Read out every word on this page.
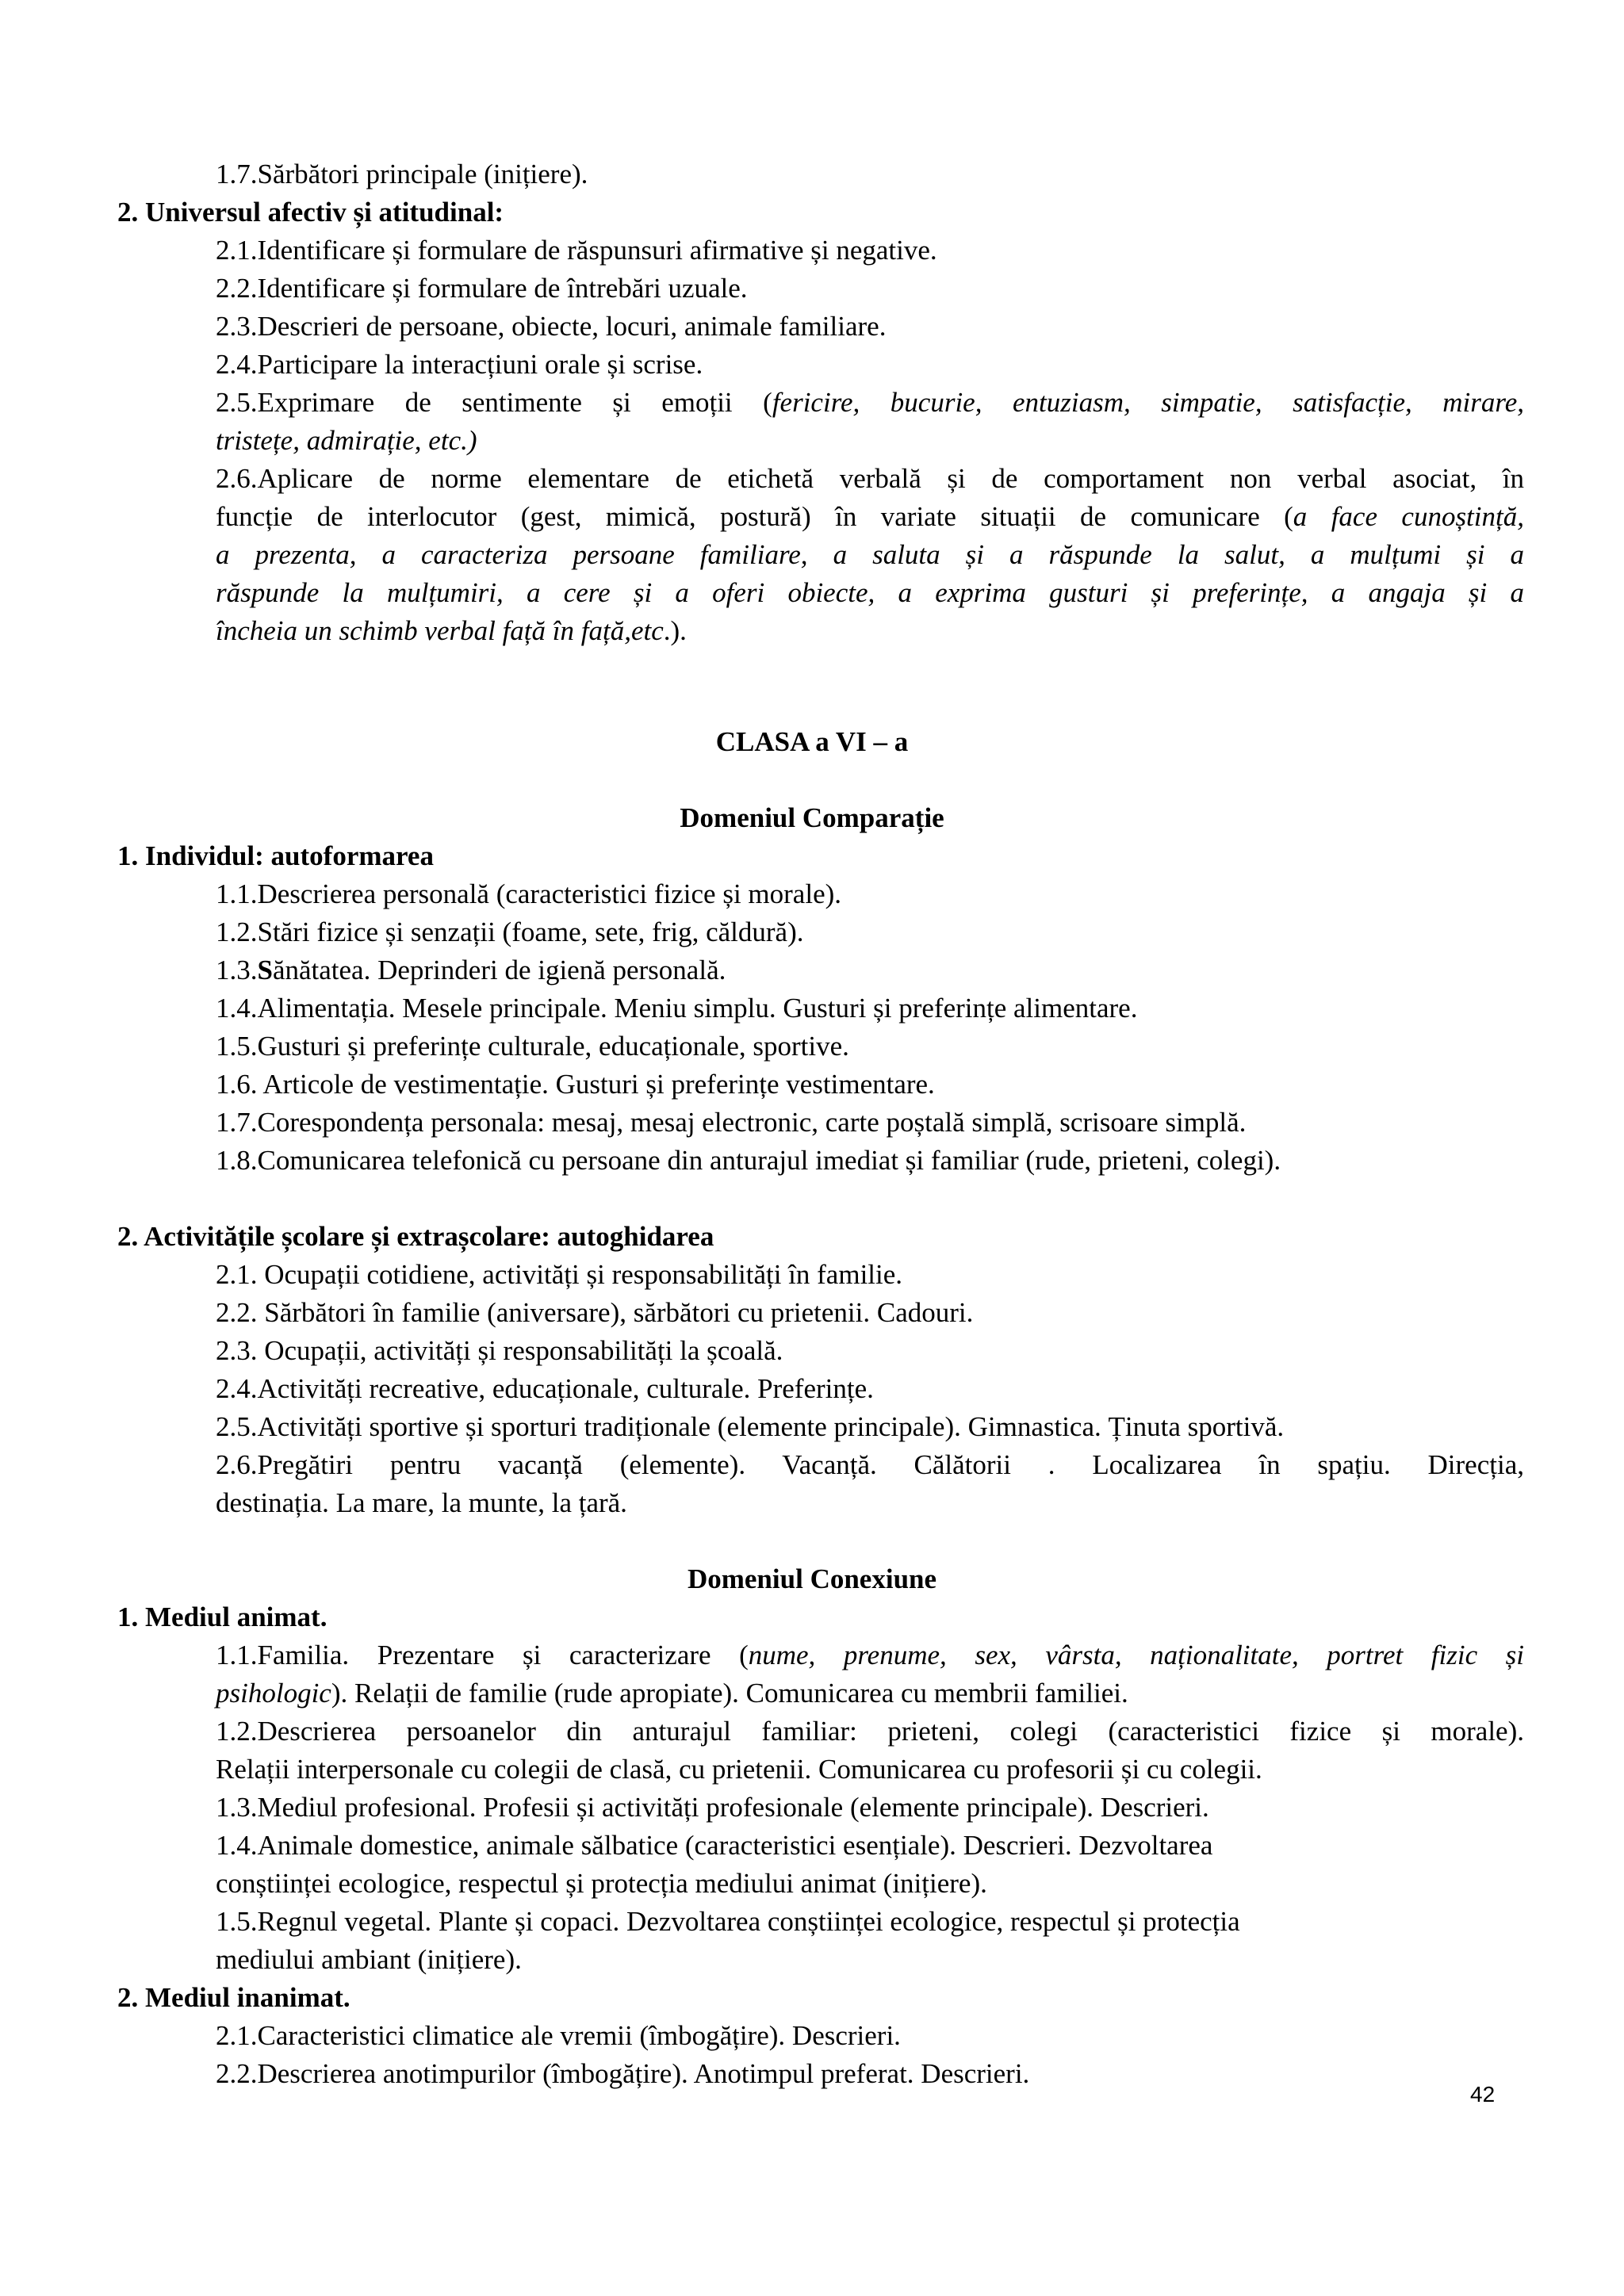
1.7.Sărbători principale (inițiere).

2. Universul afectiv și atitudinal:

2.1.Identificare și formulare de răspunsuri afirmative și negative.

2.2.Identificare și formulare de întrebări uzuale.

2.3.Descrieri de persoane, obiecte, locuri, animale familiare.

2.4.Participare la interacțiuni orale și scrise.

2.5.Exprimare de sentimente și emoții (fericire, bucurie, entuziasm, simpatie, satisfacție, mirare,

tristețe, admirație, etc.)

2.6.Aplicare de norme elementare de etichetă verbală și de comportament non verbal asociat, în

funcție de interlocutor (gest, mimică, postură) în variate situații de comunicare (a face cunoștință,

a prezenta, a caracteriza persoane familiare, a saluta și a răspunde la salut, a mulțumi și a

răspunde la mulțumiri, a cere și a oferi obiecte, a exprima gusturi și preferințe, a angaja și a

încheia un schimb verbal față în față,etc.).

CLASA a VI – a

Domeniul Comparație

1. Individul: autoformarea

1.1.Descrierea personală (caracteristici fizice și morale).

1.2.Stări fizice și senzații (foame, sete, frig, căldură).

1.3.Sănătatea. Deprinderi de igienă personală.

1.4.Alimentația. Mesele principale. Meniu simplu. Gusturi și preferințe alimentare.

1.5.Gusturi și preferințe culturale, educaționale, sportive.

1.6. Articole de vestimentație. Gusturi și preferințe vestimentare.

1.7.Corespondența personala: mesaj, mesaj electronic, carte poștală simplă, scrisoare simplă.

1.8.Comunicarea telefonică cu persoane din anturajul imediat și familiar (rude, prieteni, colegi).

2. Activitățile școlare și extrașcolare: autoghidarea

2.1. Ocupații cotidiene, activități și responsabilități în familie.

2.2. Sărbători în familie (aniversare), sărbători cu prietenii. Cadouri.

2.3. Ocupații, activități și responsabilități la școală.

2.4.Activități recreative, educaționale, culturale. Preferințe.

2.5.Activități sportive și sporturi tradiționale (elemente principale). Gimnastica. Ținuta sportivă.

2.6.Pregătiri pentru vacanță (elemente). Vacanță. Călătorii . Localizarea în spațiu. Direcția,

destinația. La mare, la munte, la țară.

Domeniul Conexiune

1. Mediul animat.

1.1.Familia. Prezentare și caracterizare (nume, prenume, sex, vârsta, naționalitate, portret fizic și

psihologic). Relații de familie (rude apropiate). Comunicarea cu membrii familiei.

1.2.Descrierea persoanelor din anturajul familiar: prieteni, colegi (caracteristici fizice și morale).

Relații interpersonale cu colegii de clasă, cu prietenii. Comunicarea cu profesorii și cu colegii.

1.3.Mediul profesional. Profesii și activități profesionale (elemente principale). Descrieri.

1.4.Animale domestice, animale sălbatice (caracteristici esențiale). Descrieri. Dezvoltarea

conștiinței ecologice, respectul și protecția mediului animat (inițiere).

1.5.Regnul vegetal. Plante și copaci. Dezvoltarea conștiinței ecologice, respectul și protecția

mediului ambiant (inițiere).

2. Mediul inanimat.

2.1.Caracteristici climatice ale vremii (îmbogățire). Descrieri.

2.2.Descrierea anotimpurilor (îmbogățire). Anotimpul preferat. Descrieri.

42
